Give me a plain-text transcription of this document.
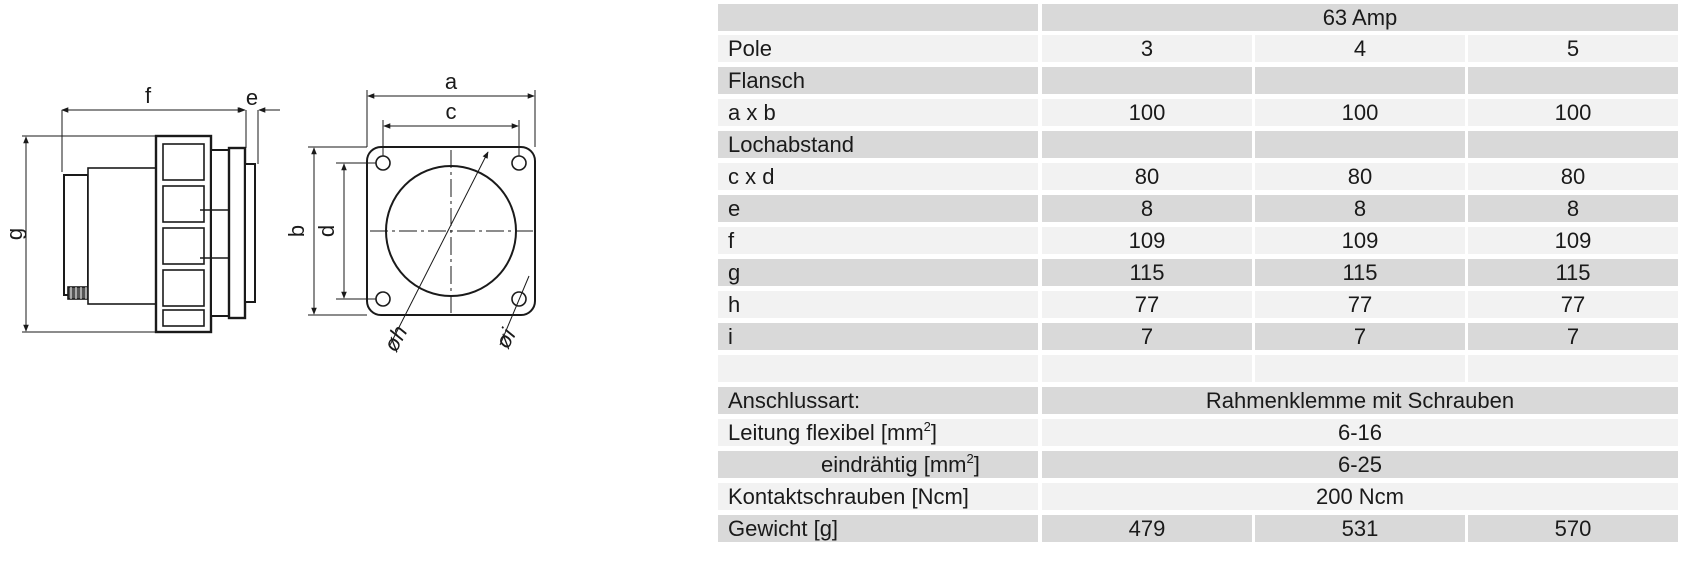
f	e
g
a
c
b d
øh	øi
63 Amp
Pole	3	4	5
Flansch
a x b	100	100	100
Lochabstand
c x d	80	80	80
e	8	8	8
f	109	109	109
g	115	115	115
h	77	77	77
i	7	7	7
Anschlussart:	Rahmenklemme mit Schrauben
Leitung flexibel $[mm^2]$	6-16
eindrähtig $[mm^2]$	6-25
Kontaktschrauben [Ncm]	200 Ncm
Gewicht [g]	479	531	570
